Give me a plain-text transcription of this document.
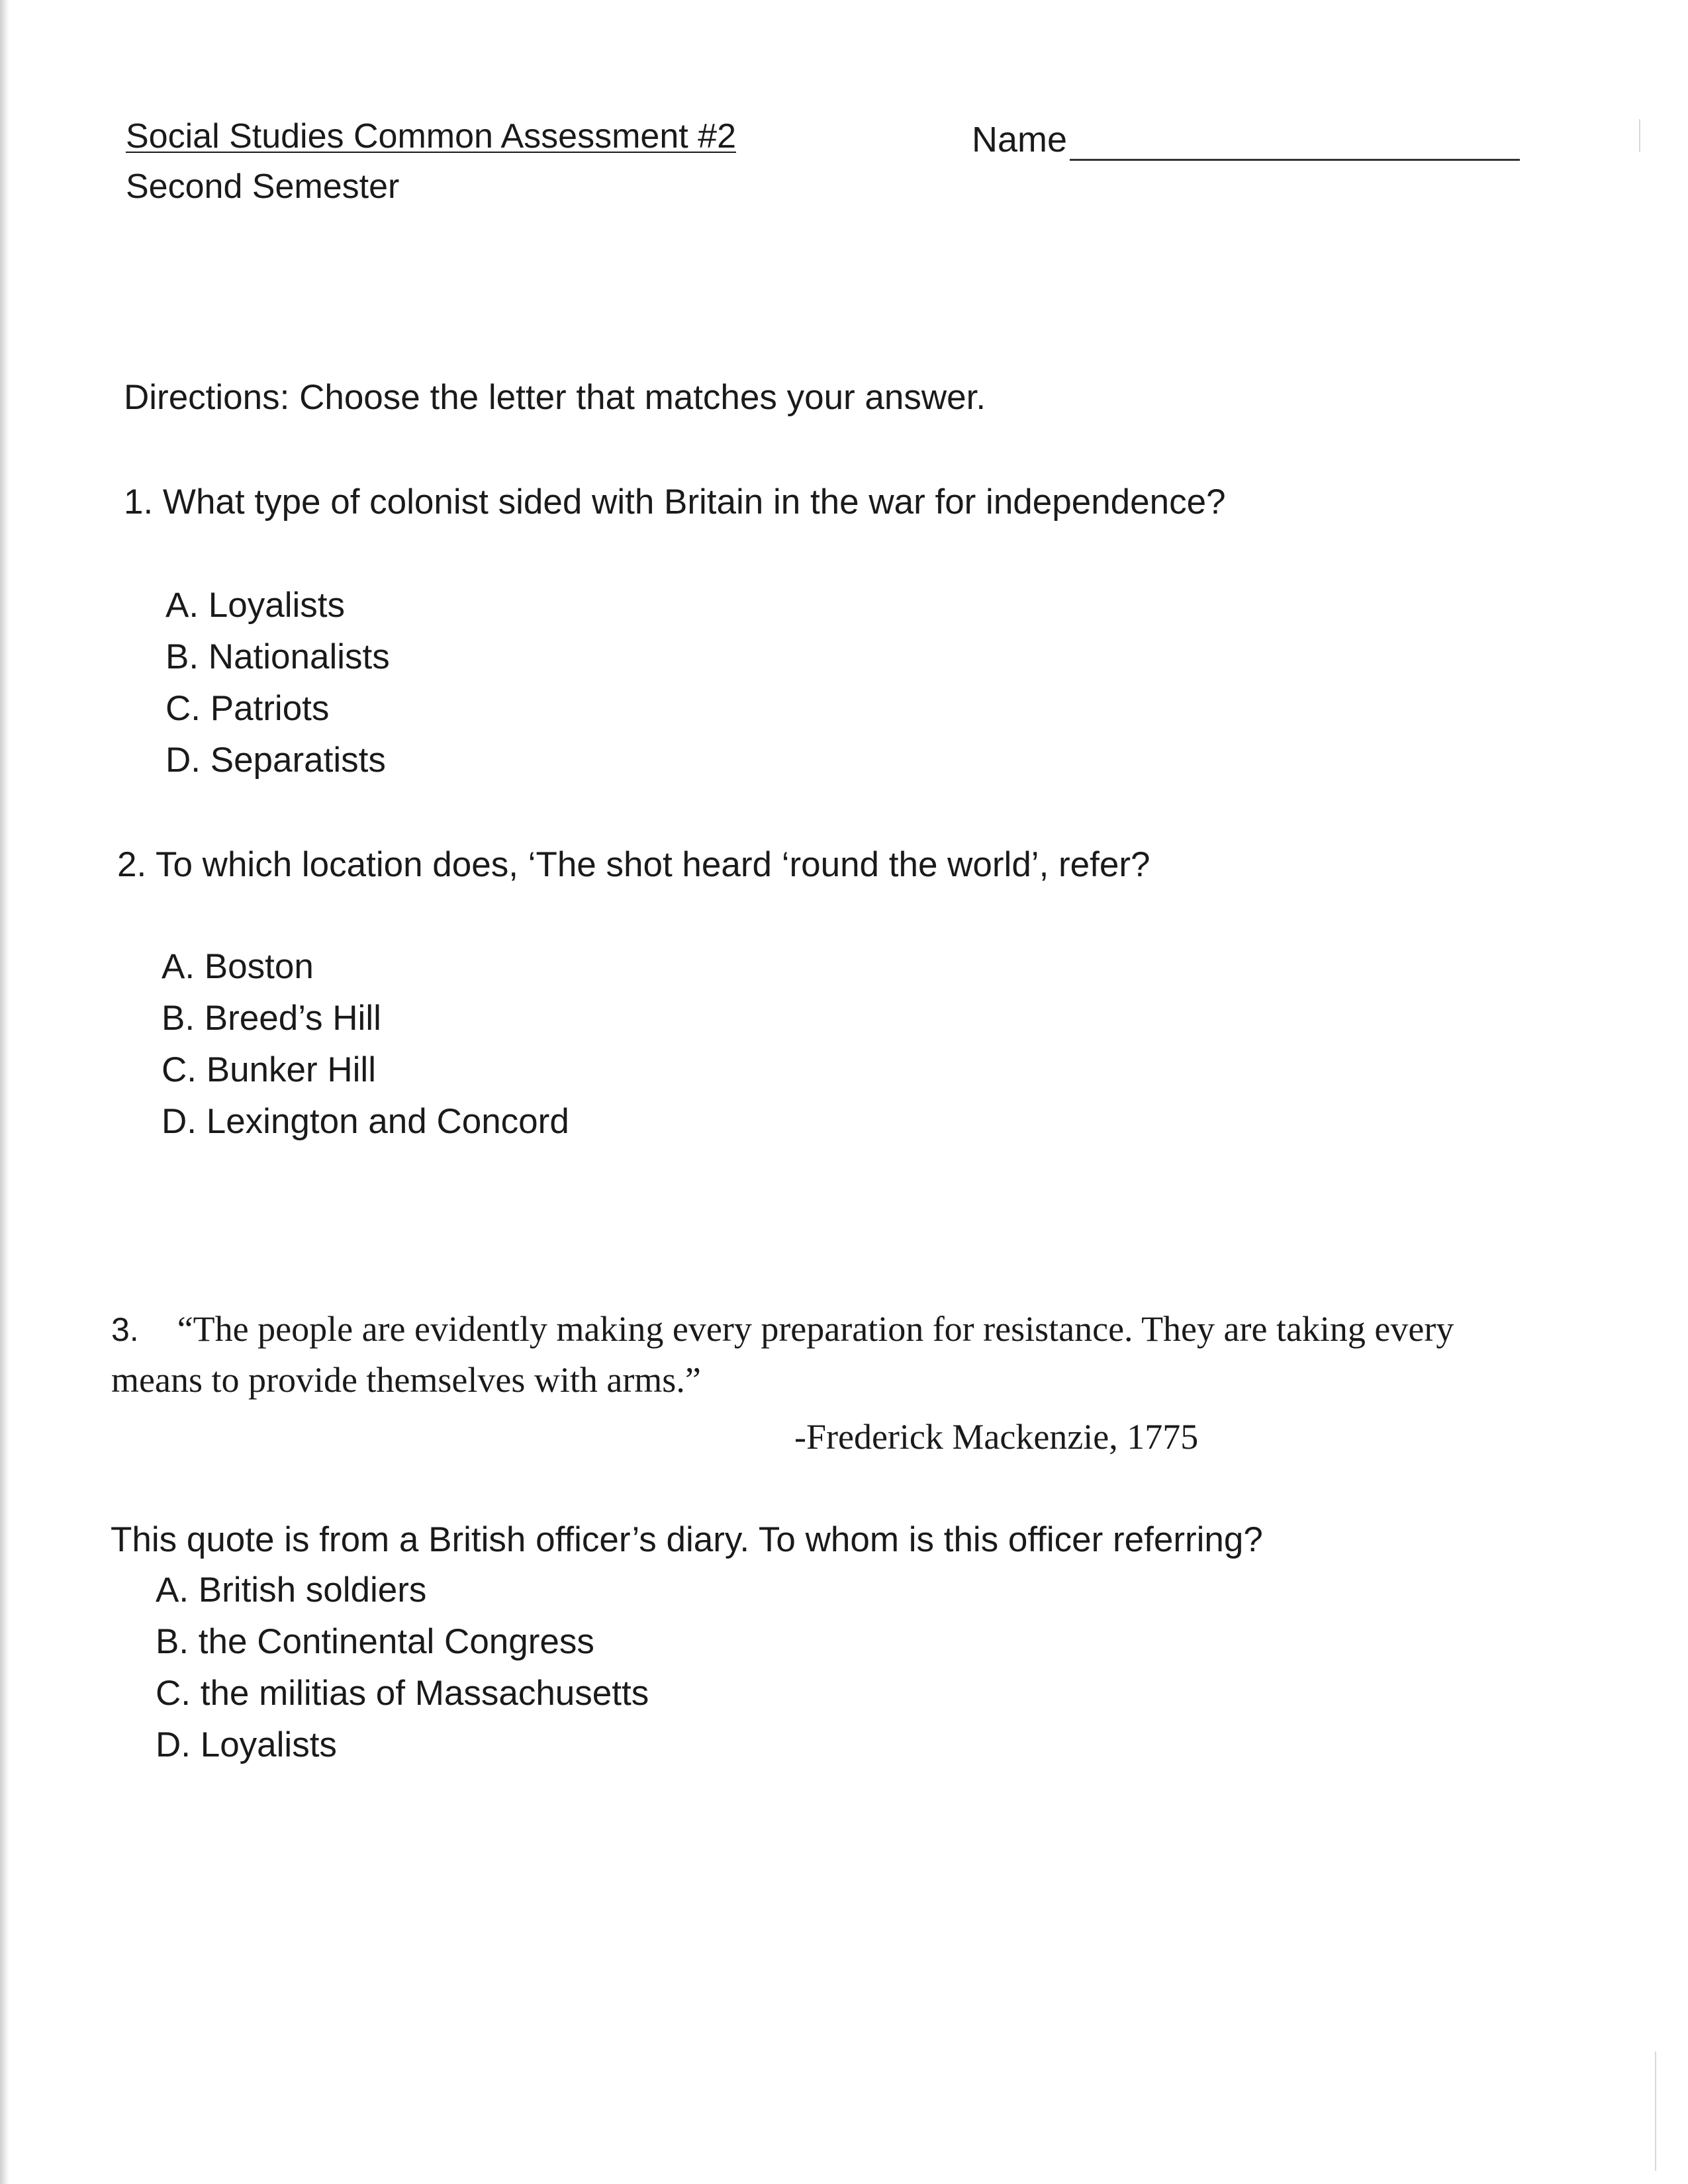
Social Studies Common Assessment #2
Second Semester
Name
Directions: Choose the letter that matches your answer.
1. What type of colonist sided with Britain in the war for independence?
A. Loyalists
B. Nationalists
C. Patriots
D. Separatists
2. To which location does, ‘The shot heard ‘round the world’, refer?
A. Boston
B. Breed’s Hill
C. Bunker Hill
D. Lexington and Concord
3. “The people are evidently making every preparation for resistance. They are taking every means to provide themselves with arms.”
-Frederick Mackenzie, 1775
This quote is from a British officer’s diary. To whom is this officer referring?
A. British soldiers
B. the Continental Congress
C. the militias of Massachusetts
D. Loyalists
